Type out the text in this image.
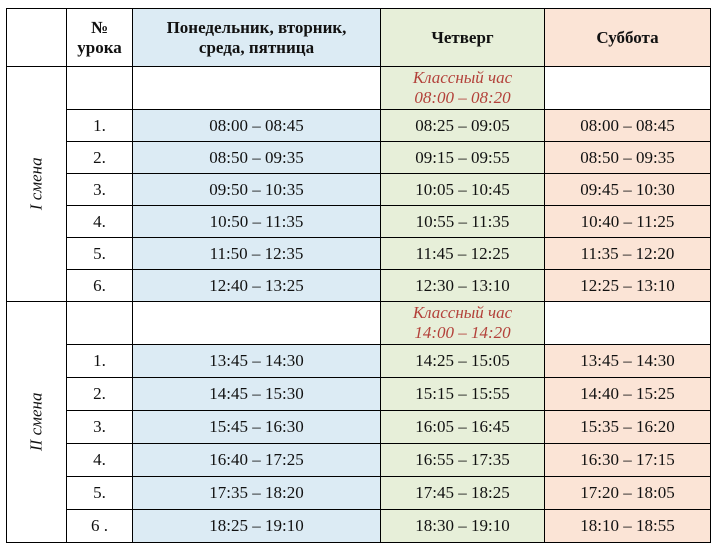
	№
урока	Понедельник, вторник, среда, пятница	Четверг	Суббота
I смена			Классный час
08:00 – 08:20	

	1.	08:00 – 08:45	08:25 – 09:05	08:00 – 08:45
	2.	08:50 – 09:35	09:15 – 09:55	08:50 – 09:35
	3.	09:50 – 10:35	10:05 – 10:45	09:45 – 10:30
	4.	10:50 – 11:35	10:55 – 11:35	10:40 – 11:25
	5.	11:50 – 12:35	11:45 – 12:25	11:35 – 12:20
	6.	12:40 – 13:25	12:30 – 13:10	12:25 – 13:10
II смена			Классный час
14:00 – 14:20	

	1.	13:45 – 14:30	14:25 – 15:05	13:45 – 14:30
	2.	14:45 – 15:30	15:15 – 15:55	14:40 – 15:25
	3.	15:45 – 16:30	16:05 – 16:45	15:35 – 16:20
	4.	16:40 – 17:25	16:55 – 17:35	16:30 – 17:15
	5.	17:35 – 18:20	17:45 – 18:25	17:20 – 18:05
	6 .	18:25 – 19:10	18:30 – 19:10	18:10 – 18:55
